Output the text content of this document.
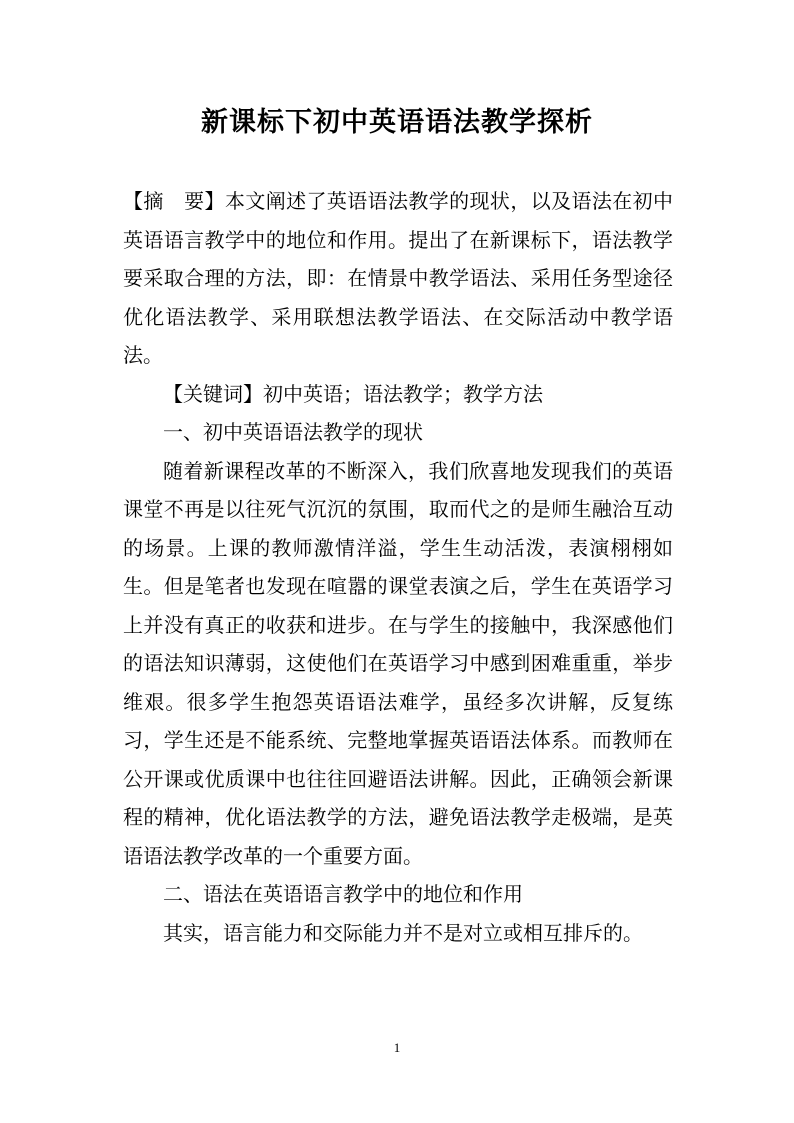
新课标下初中英语语法教学探析

【摘　要】本文阐述了英语语法教学的现状，以及语法在初中英语语言教学中的地位和作用。提出了在新课标下，语法教学要采取合理的方法，即：在情景中教学语法、采用任务型途径优化语法教学、采用联想法教学语法、在交际活动中教学语法。

【关键词】初中英语；语法教学；教学方法

一、初中英语语法教学的现状

随着新课程改革的不断深入，我们欣喜地发现我们的英语课堂不再是以往死气沉沉的氛围，取而代之的是师生融洽互动的场景。上课的教师激情洋溢，学生生动活泼，表演栩栩如生。但是笔者也发现在喧嚣的课堂表演之后，学生在英语学习上并没有真正的收获和进步。在与学生的接触中，我深感他们的语法知识薄弱，这使他们在英语学习中感到困难重重，举步维艰。很多学生抱怨英语语法难学，虽经多次讲解，反复练习，学生还是不能系统、完整地掌握英语语法体系。而教师在公开课或优质课中也往往回避语法讲解。因此，正确领会新课程的精神，优化语法教学的方法，避免语法教学走极端，是英语语法教学改革的一个重要方面。

二、语法在英语语言教学中的地位和作用

其实，语言能力和交际能力并不是对立或相互排斥的。

1
